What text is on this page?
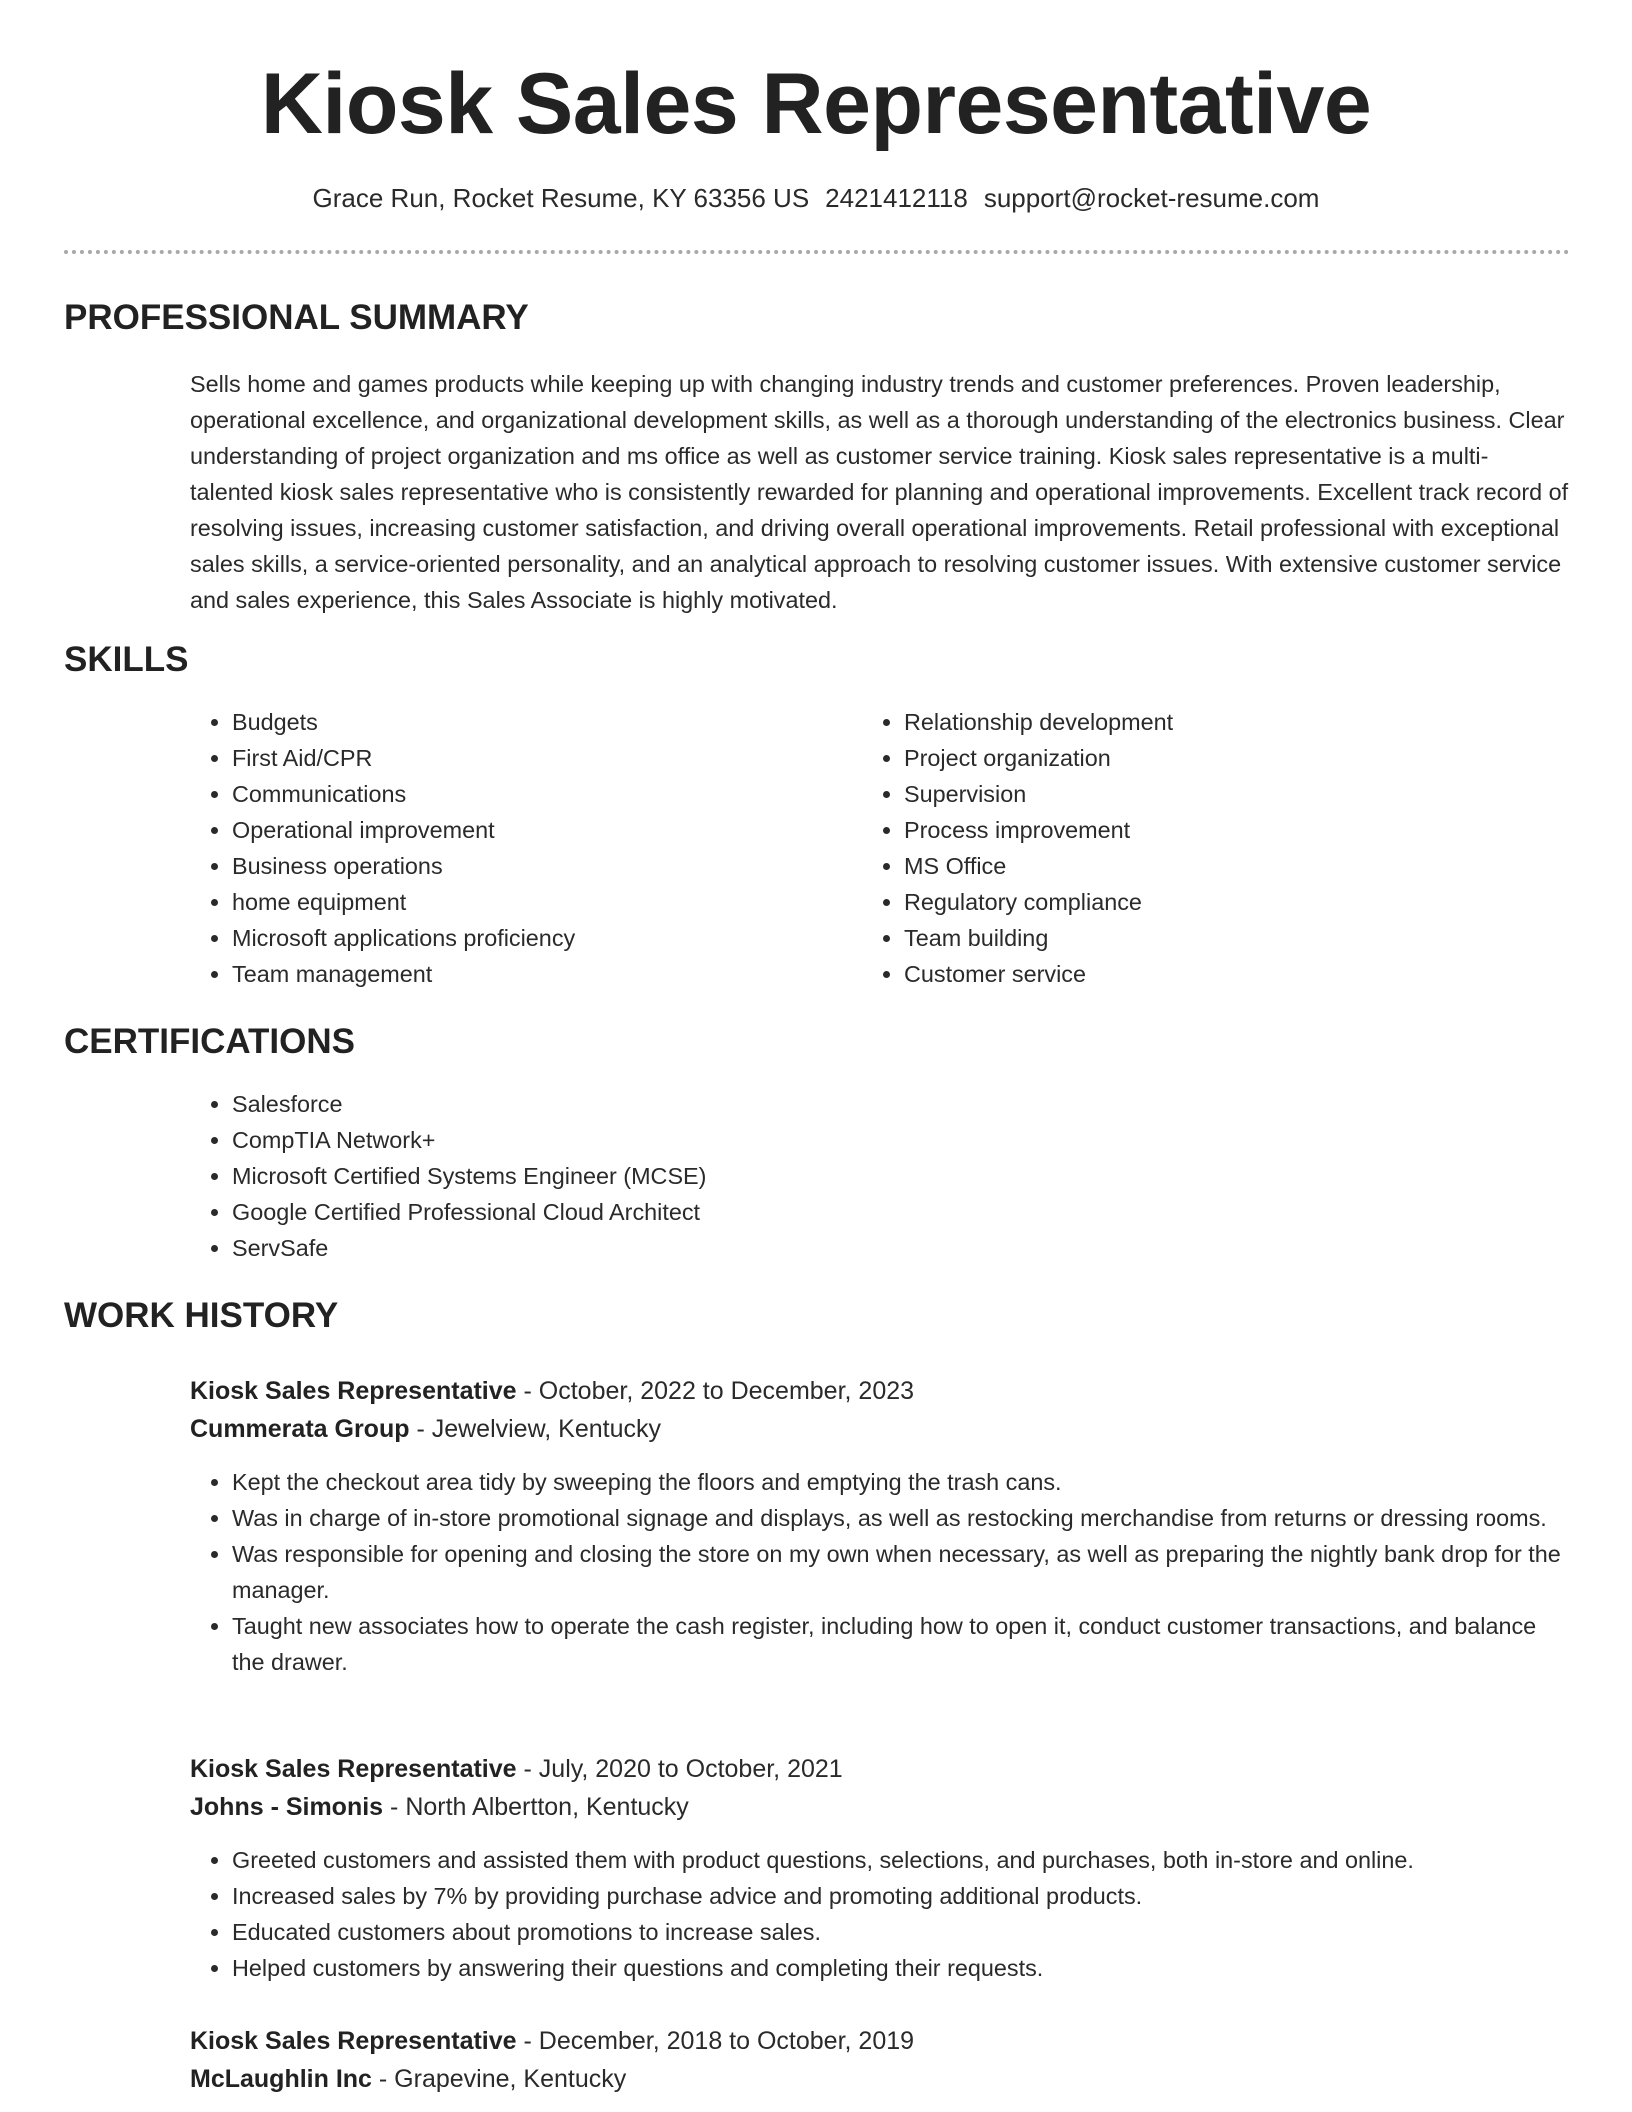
Kiosk Sales Representative
Grace Run, Rocket Resume, KY 63356 US 2421412118 support@rocket-resume.com
PROFESSIONAL SUMMARY

Sells home and games products while keeping up with changing industry trends and customer preferences. Proven leadership, operational excellence, and organizational development skills, as well as a thorough understanding of the electronics business. Clear understanding of project organization and ms office as well as customer service training. Kiosk sales representative is a multi-talented kiosk sales representative who is consistently rewarded for planning and operational improvements. Excellent track record of resolving issues, increasing customer satisfaction, and driving overall operational improvements. Retail professional with exceptional sales skills, a service-oriented personality, and an analytical approach to resolving customer issues. With extensive customer service and sales experience, this Sales Associate is highly motivated.

SKILLS
• Budgets
• First Aid/CPR
• Communications
• Operational improvement
• Business operations
• home equipment
• Microsoft applications proficiency
• Team management
• Relationship development
• Project organization
• Supervision
• Process improvement
• MS Office
• Regulatory compliance
• Team building
• Customer service
CERTIFICATIONS
• Salesforce
• CompTIA Network+
• Microsoft Certified Systems Engineer (MCSE)
• Google Certified Professional Cloud Architect
• ServSafe
WORK HISTORY
Kiosk Sales Representative - October, 2022 to December, 2023
Cummerata Group - Jewelview, Kentucky
• Kept the checkout area tidy by sweeping the floors and emptying the trash cans.
• Was in charge of in-store promotional signage and displays, as well as restocking merchandise from returns or dressing rooms.
• Was responsible for opening and closing the store on my own when necessary, as well as preparing the nightly bank drop for the manager.
• Taught new associates how to operate the cash register, including how to open it, conduct customer transactions, and balance the drawer.
Kiosk Sales Representative - July, 2020 to October, 2021
Johns - Simonis - North Albertton, Kentucky
• Greeted customers and assisted them with product questions, selections, and purchases, both in-store and online.
• Increased sales by 7% by providing purchase advice and promoting additional products.
• Educated customers about promotions to increase sales.
• Helped customers by answering their questions and completing their requests.
Kiosk Sales Representative - December, 2018 to October, 2019
McLaughlin Inc - Grapevine, Kentucky
